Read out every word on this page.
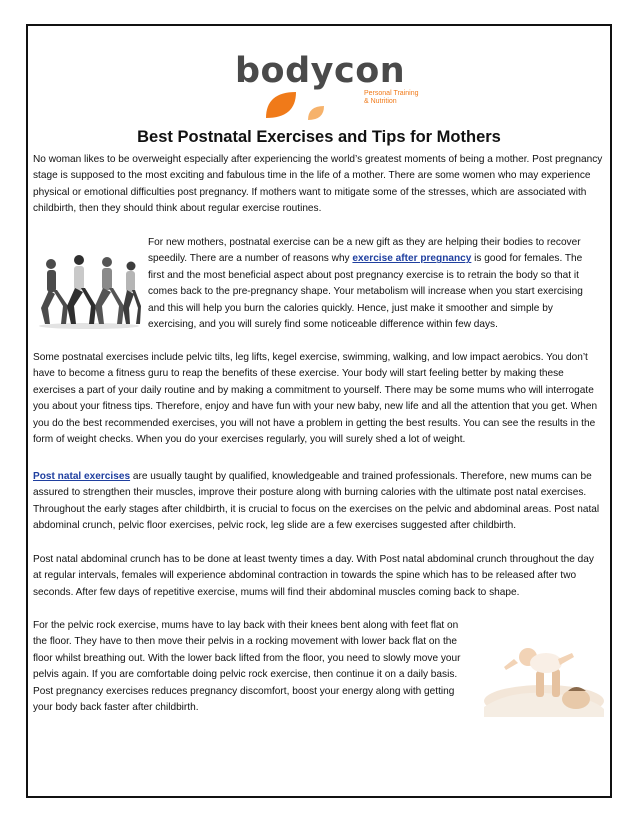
bodycon
Personal Training
& Nutrition
Best Postnatal Exercises and Tips for Mothers

No woman likes to be overweight especially after experiencing the world’s greatest moments of being a mother. Post pregnancy stage is supposed to the most exciting and fabulous time in the life of a mother. There are some women who may experience physical or emotional difficulties post pregnancy. If mothers want to mitigate some of the stresses, which are associated with childbirth, then they should think about regular exercise routines.

For new mothers, postnatal exercise can be a new gift as they are helping their bodies to recover speedily. There are a number of reasons why exercise after pregnancy is good for females. The first and the most beneficial aspect about post pregnancy exercise is to retrain the body so that it comes back to the pre-pregnancy shape. Your metabolism will increase when you start exercising and this will help you burn the calories quickly. Hence, just make it smoother and simple by exercising, and you will surely find some noticeable difference within few days.

Some postnatal exercises include pelvic tilts, leg lifts, kegel exercise, swimming, walking, and low impact aerobics. You don’t have to become a fitness guru to reap the benefits of these exercise. Your body will start feeling better by making these exercises a part of your daily routine and by making a commitment to yourself. There may be some mums who will interrogate you about your fitness tips. Therefore, enjoy and have fun with your new baby, new life and all the attention that you get. When you do the best recommended exercises, you will not have a problem in getting the best results. You can see the results in the form of weight checks. When you do your exercises regularly, you will surely shed a lot of weight.

Post natal exercises are usually taught by qualified, knowledgeable and trained professionals. Therefore, new mums can be assured to strengthen their muscles, improve their posture along with burning calories with the ultimate post natal exercises. Throughout the early stages after childbirth, it is crucial to focus on the exercises on the pelvic and abdominal areas. Post natal abdominal crunch, pelvic floor exercises, pelvic rock, leg slide are a few exercises suggested after childbirth.

Post natal abdominal crunch has to be done at least twenty times a day. With Post natal abdominal crunch throughout the day at regular intervals, females will experience abdominal contraction in towards the spine which has to be released after two seconds. After few days of repetitive exercise, mums will find their abdominal muscles coming back to shape.

For the pelvic rock exercise, mums have to lay back with their knees bent along with feet flat on the floor. They have to then move their pelvis in a rocking movement with lower back flat on the floor whilst breathing out. With the lower back lifted from the floor, you need to slowly move your pelvis again. If you are comfortable doing pelvic rock exercise, then continue it on a daily basis. Post pregnancy exercises reduces pregnancy discomfort, boost your energy along with getting your body back faster after childbirth.
